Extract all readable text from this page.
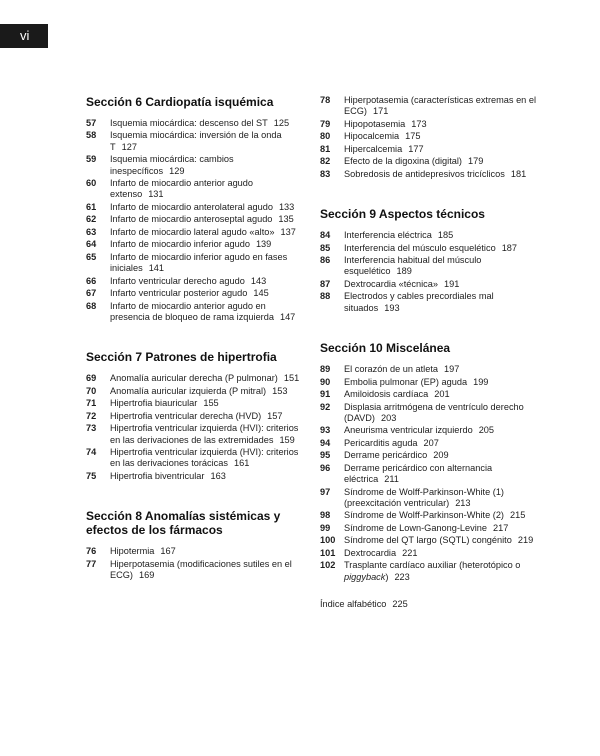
vi
Sección 6 Cardiopatía isquémica
57	Isquemia miocárdica: descenso del ST 125
58	Isquemia miocárdica: inversión de la onda T 127
59	Isquemia miocárdica: cambios inespecíficos 129
60	Infarto de miocardio anterior agudo extenso 131
61	Infarto de miocardio anterolateral agudo 133
62	Infarto de miocardio anteroseptal agudo 135
63	Infarto de miocardio lateral agudo «alto» 137
64	Infarto de miocardio inferior agudo 139
65	Infarto de miocardio inferior agudo en fases iniciales 141
66	Infarto ventricular derecho agudo 143
67	Infarto ventricular posterior agudo 145
68	Infarto de miocardio anterior agudo en presencia de bloqueo de rama izquierda 147
Sección 7 Patrones de hipertrofia
69	Anomalía auricular derecha (P pulmonar) 151
70	Anomalía auricular izquierda (P mitral) 153
71	Hipertrofia biauricular 155
72	Hipertrofia ventricular derecha (HVD) 157
73	Hipertrofia ventricular izquierda (HVI): criterios en las derivaciones de las extremidades 159
74	Hipertrofia ventricular izquierda (HVI): criterios en las derivaciones torácicas 161
75	Hipertrofia biventricular 163
Sección 8 Anomalías sistémicas y efectos de los fármacos
76	Hipotermia 167
77	Hiperpotasemia (modificaciones sutiles en el ECG) 169
78	Hiperpotasemia (características extremas en el ECG) 171
79	Hipopotasemia 173
80	Hipocalcemia 175
81	Hipercalcemia 177
82	Efecto de la digoxina (digital) 179
83	Sobredosis de antidepresivos tricíclicos 181
Sección 9 Aspectos técnicos
84	Interferencia eléctrica 185
85	Interferencia del músculo esquelético 187
86	Interferencia habitual del músculo esquelético 189
87	Dextrocardia «técnica» 191
88	Electrodos y cables precordiales mal situados 193
Sección 10 Miscelánea
89	El corazón de un atleta 197
90	Embolia pulmonar (EP) aguda 199
91	Amiloidosis cardíaca 201
92	Displasia arritmógena de ventrículo derecho (DAVD) 203
93	Aneurisma ventricular izquierdo 205
94	Pericarditis aguda 207
95	Derrame pericárdico 209
96	Derrame pericárdico con alternancia eléctrica 211
97	Síndrome de Wolff-Parkinson-White (1) (preexcitación ventricular) 213
98	Síndrome de Wolff-Parkinson-White (2) 215
99	Síndrome de Lown-Ganong-Levine 217
100 Síndrome del QT largo (SQTL) congénito 219
101 Dextrocardia 221
102 Trasplante cardíaco auxiliar (heterotópico o piggyback) 223
Índice alfabético 225
